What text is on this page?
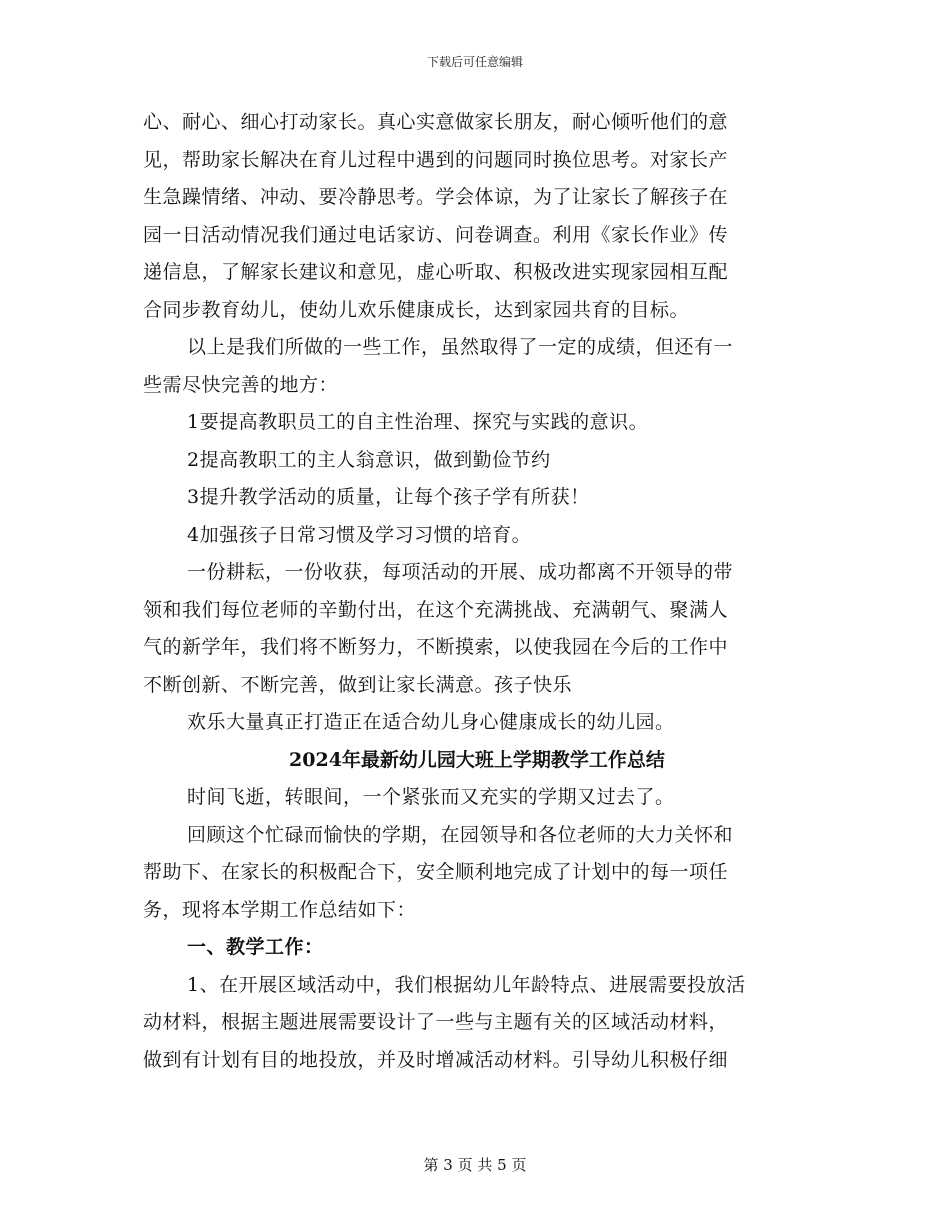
下载后可任意编辑

心、耐心、细心打动家长。真心实意做家长朋友，耐心倾听他们的意

见，帮助家长解决在育儿过程中遇到的问题同时换位思考。对家长产

生急躁情绪、冲动、要冷静思考。学会体谅，为了让家长了解孩子在

园一日活动情况我们通过电话家访、问卷调查。利用《家长作业》传

递信息，了解家长建议和意见，虚心听取、积极改进实现家园相互配

合同步教育幼儿，使幼儿欢乐健康成长，达到家园共育的目标。

以上是我们所做的一些工作，虽然取得了一定的成绩，但还有一

些需尽快完善的地方：

1要提高教职员工的自主性治理、探究与实践的意识。

2提高教职工的主人翁意识，做到勤俭节约

3提升教学活动的质量，让每个孩子学有所获！

4加强孩子日常习惯及学习习惯的培育。

一份耕耘，一份收获，每项活动的开展、成功都离不开领导的带

领和我们每位老师的辛勤付出，在这个充满挑战、充满朝气、聚满人

气的新学年，我们将不断努力，不断摸索，以使我园在今后的工作中

不断创新、不断完善，做到让家长满意。孩子快乐

欢乐大量真正打造正在适合幼儿身心健康成长的幼儿园。

2024年最新幼儿园大班上学期教学工作总结

时间飞逝，转眼间，一个紧张而又充实的学期又过去了。

回顾这个忙碌而愉快的学期，在园领导和各位老师的大力关怀和

帮助下、在家长的积极配合下，安全顺利地完成了计划中的每一项任

务，现将本学期工作总结如下：

一、教学工作：

1、在开展区域活动中，我们根据幼儿年龄特点、进展需要投放活

动材料，根据主题进展需要设计了一些与主题有关的区域活动材料，

做到有计划有目的地投放，并及时增减活动材料。引导幼儿积极仔细

第 3 页 共 5 页
